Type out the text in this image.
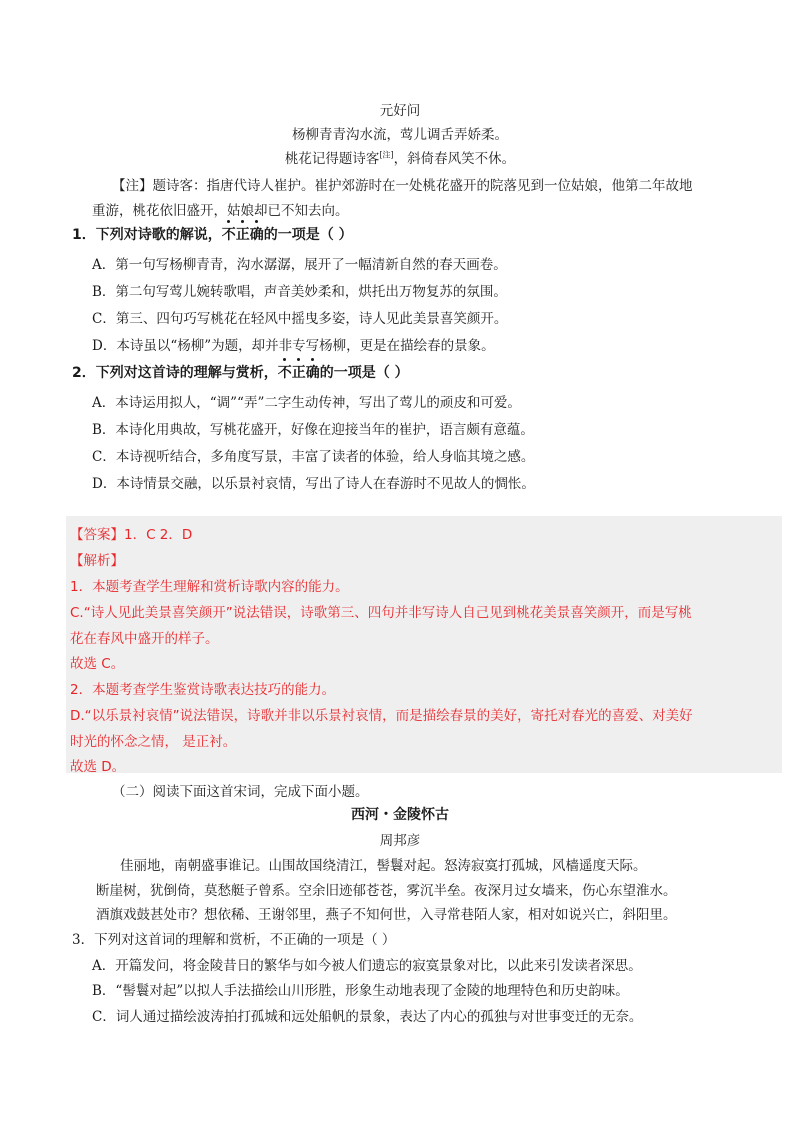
元好问
杨柳青青沟水流，莺儿调舌弄娇柔。
桃花记得题诗客[注]，斜倚春风笑不休。
【注】题诗客：指唐代诗人崔护。崔护郊游时在一处桃花盛开的院落见到一位姑娘，他第二年故地
重游，桃花依旧盛开，姑娘却已不知去向。
1．下列对诗歌的解说，不正确的一项是（ ）
A．第一句写杨柳青青，沟水潺潺，展开了一幅清新自然的春天画卷。
B．第二句写莺儿婉转歌唱，声音美妙柔和，烘托出万物复苏的氛围。
C．第三、四句巧写桃花在轻风中摇曳多姿，诗人见此美景喜笑颜开。
D．本诗虽以“杨柳”为题，却并非专写杨柳，更是在描绘春的景象。
2．下列对这首诗的理解与赏析，不正确的一项是（ ）
A．本诗运用拟人，“调”“弄”二字生动传神，写出了莺儿的顽皮和可爱。
B．本诗化用典故，写桃花盛开，好像在迎接当年的崔护，语言颇有意蕴。
C．本诗视听结合，多角度写景，丰富了读者的体验，给人身临其境之感。
D．本诗情景交融，以乐景衬哀情，写出了诗人在春游时不见故人的惆怅。
【答案】1．C 2．D
【解析】
1．本题考查学生理解和赏析诗歌内容的能力。
C.“诗人见此美景喜笑颜开”说法错误，诗歌第三、四句并非写诗人自己见到桃花美景喜笑颜开，而是写桃
花在春风中盛开的样子。
故选 C。
2．本题考查学生鉴赏诗歌表达技巧的能力。
D.“以乐景衬哀情”说法错误，诗歌并非以乐景衬哀情，而是描绘春景的美好，寄托对春光的喜爱、对美好
时光的怀念之情， 是正衬。
故选 D。
（二）阅读下面这首宋词，完成下面小题。
西河・金陵怀古
周邦彦
佳丽地，南朝盛事谁记。山围故国绕清江，髻鬟对起。怒涛寂寞打孤城，风樯遥度天际。
断崖树，犹倒倚，莫愁艇子曾系。空余旧迹郁苍苍，雾沉半垒。夜深月过女墙来，伤心东望淮水。
酒旗戏鼓甚处市？想依稀、王谢邻里，燕子不知何世，入寻常巷陌人家，相对如说兴亡，斜阳里。
3．下列对这首词的理解和赏析，不正确的一项是（ ）
A．开篇发问，将金陵昔日的繁华与如今被人们遗忘的寂寞景象对比，以此来引发读者深思。
B．“髻鬟对起”以拟人手法描绘山川形胜，形象生动地表现了金陵的地理特色和历史韵味。
C．词人通过描绘波涛拍打孤城和远处船帆的景象，表达了内心的孤独与对世事变迁的无奈。
